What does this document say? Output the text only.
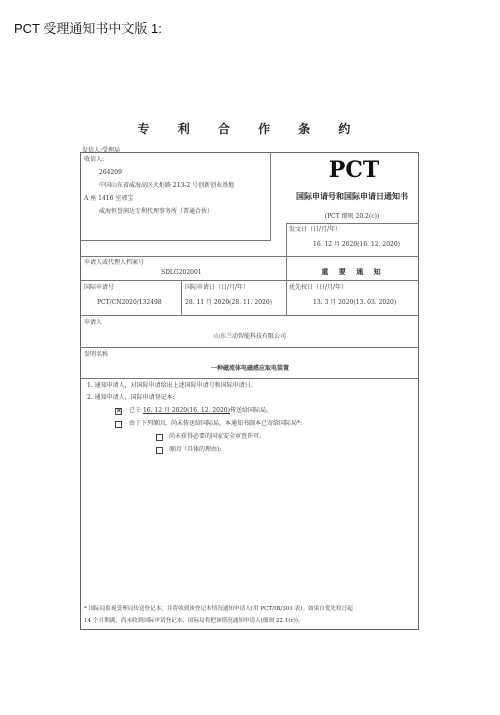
PCT 受理通知书中文版 1:
专 利 合 作 条 约
发信人:受理局
收信人:
264209
中国山东省威海高区火炬路 213-2 号创新创业基地
A 座 1416 室郭宝
威海恒誉润达专利代理事务所（普通合伙）
PCT
国际申请号和国际申请日通知书
(PCT 细则 20.2(c))
发文日（日/月/年）
16. 12 月 2020(16. 12. 2020)
申请人或代理人档案号
SDLG202001	重 要 通 知
国际申请号
PCT/CN2020/132498
国际申请日（日/月/年）
28. 11 月 2020(28. 11. 2020)
优先权日（日/月/年）
13. 3 月 2020(13. 03. 2020)
申请人
山东兰动智能科技有限公司
发明名称
一种磁流体电磁感应取电装置
1. 通知申请人，对国际申请给出上述国际申请号和国际申请日。
2. 通知申请人，国际申请登记本:
✕ 已于 16. 12 月 2020(16. 12. 2020)传送给国际局。
由于下列原因，尚未传送给国际局，本通知书副本已寄给国际局*:
尚未获得必要的国家安全审查许可。
原因（具体的理由):
* 国际局监视受理局传送登记本，并将收到该登记本情况通知申请人(用 PCT/IB/301 表)。如果自优先权日起
14 个月期满，尚未收到国际申请登记本，国际局将把该情况通知申请人(细则 22.1(c))。
